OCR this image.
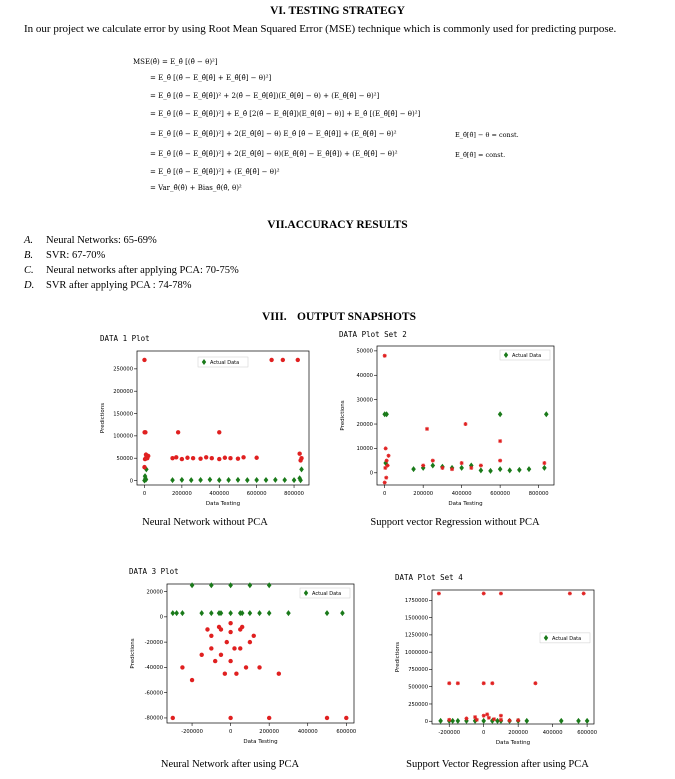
VI. TESTING STRATEGY
In our project we calculate error by using Root Mean Squared Error (MSE) technique which is commonly used for predicting purpose.
MSE(θ̂) = E_θ̂ [(θ̂ − θ)²]
= E_θ̂ [(θ̂ − E_θ̂[θ̂] + E_θ̂[θ̂] − θ)²]
= E_θ̂ [(θ̂ − E_θ̂[θ̂])² + 2(θ̂ − E_θ̂[θ̂])(E_θ̂[θ̂] − θ) + (E_θ̂[θ̂] − θ)²]
= E_θ̂ [(θ̂ − E_θ̂[θ̂])²] + E_θ̂ [2(θ̂ − E_θ̂[θ̂])(E_θ̂[θ̂] − θ)] + E_θ̂ [(E_θ̂[θ̂] − θ)²]
= E_θ̂ [(θ̂ − E_θ̂[θ̂])²] + 2(E_θ̂[θ̂] − θ) E_θ̂ [θ̂ − E_θ̂[θ̂]] + (E_θ̂[θ̂] − θ)²
= E_θ̂ [(θ̂ − E_θ̂[θ̂])²] + 2(E_θ̂[θ̂] − θ)(E_θ̂[θ̂] − E_θ̂[θ̂]) + (E_θ̂[θ̂] − θ)²
= E_θ̂ [(θ̂ − E_θ̂[θ̂])²] + (E_θ̂[θ̂] − θ)²
= Var_θ̂(θ̂) + Bias_θ̂(θ̂, θ)²
E_θ̂[θ̂] − θ = const.
E_θ̂[θ̂] = const.
VII.ACCURACY RESULTS
A. Neural Networks: 65-69%
B. SVR: 67-70%
C. Neural networks after applying PCA: 70-75%
D. SVR after applying PCA : 74-78%
VIII. OUTPUT SNAPSHOTS
DATA 1 Plot	DATA Plot Set 2
DATA 3 Plot
DATA Plot Set 4
0	200000	400000	600000	800000
0
50000
100000
150000
200000
250000
Data Testing
Predictions
Actual Data
0	200000	400000	600000	800000
0
10000
20000
30000
40000
50000
Data Testing
Predictions
Actual Data
-200000	0	200000	400000	600000
-80000
-60000
-40000
-20000
0
20000
Data Testing
Predictions
Actual Data
-200000	0	200000	400000	600000
0
250000
500000
750000
1000000
1250000
1500000
1750000
Data Testing
Predictions
Actual Data
Neural Network without PCA	Support vector Regression without PCA
Neural Network after using PCA	Support Vector Regression after using PCA
